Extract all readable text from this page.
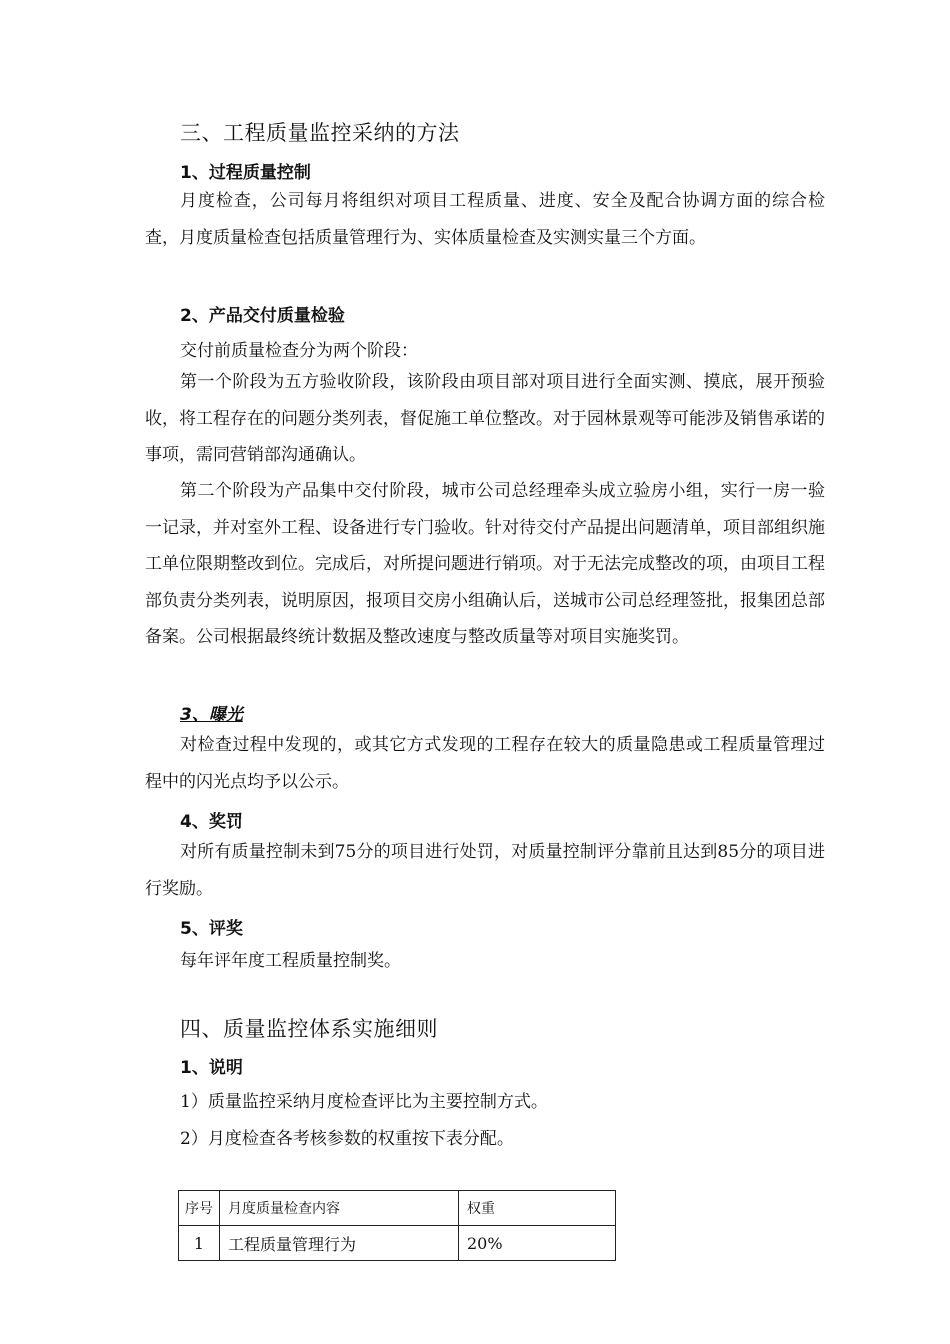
三、工程质量监控采纳的方法
1、过程质量控制

月度检查，公司每月将组织对项目工程质量、进度、安全及配合协调方面的综合检查，月度质量检查包括质量管理行为、实体质量检查及实测实量三个方面。

2、产品交付质量检验
交付前质量检查分为两个阶段：

第一个阶段为五方验收阶段，该阶段由项目部对项目进行全面实测、摸底，展开预验收，将工程存在的问题分类列表，督促施工单位整改。对于园林景观等可能涉及销售承诺的事项，需同营销部沟通确认。

第二个阶段为产品集中交付阶段，城市公司总经理牵头成立验房小组，实行一房一验一记录，并对室外工程、设备进行专门验收。针对待交付产品提出问题清单，项目部组织施工单位限期整改到位。完成后，对所提问题进行销项。对于无法完成整改的项，由项目工程部负责分类列表，说明原因，报项目交房小组确认后，送城市公司总经理签批，报集团总部备案。公司根据最终统计数据及整改速度与整改质量等对项目实施奖罚。

3、曝光

对检查过程中发现的，或其它方式发现的工程存在较大的质量隐患或工程质量管理过程中的闪光点均予以公示。

4、奖罚

对所有质量控制未到75分的项目进行处罚，对质量控制评分靠前且达到85分的项目进行奖励。

5、评奖
每年评年度工程质量控制奖。
四、质量监控体系实施细则
1、说明
1）质量监控采纳月度检查评比为主要控制方式。
2）月度检查各考核参数的权重按下表分配。
序号	月度质量检查内容	权重
1	工程质量管理行为	20%
